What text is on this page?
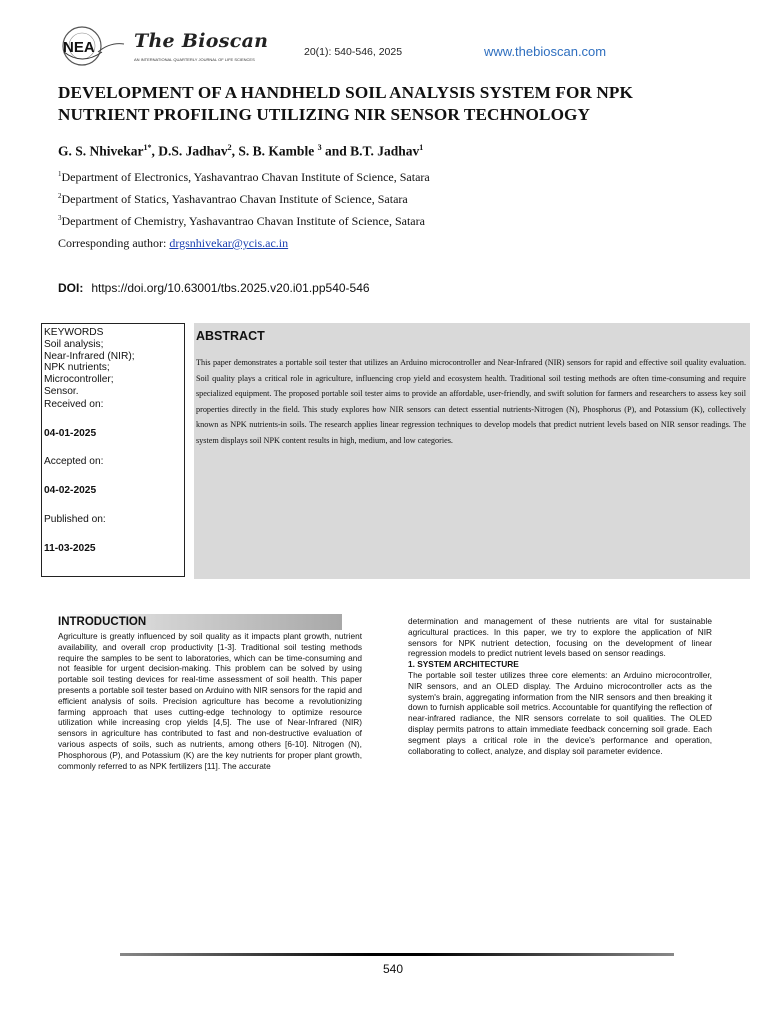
NEA The Bioscan
AN INTERNATIONAL QUARTERLY JOURNAL OF LIFE SCIENCES
20(1): 540-546, 2025	www.thebioscan.com
DEVELOPMENT OF A HANDHELD SOIL ANALYSIS SYSTEM FOR NPK NUTRIENT PROFILING UTILIZING NIR SENSOR TECHNOLOGY
G. S. Nhivekar$^{1*}$, D.S. Jadhav$^2$, S. B. Kamble $^3$ and B.T. Jadhav$^1$
$^1$Department of Electronics, Yashavantrao Chavan Institute of Science, Satara
$^2$Department of Statics, Yashavantrao Chavan Institute of Science, Satara
$^3$Department of Chemistry, Yashavantrao Chavan Institute of Science, Satara
Corresponding author: drgsnhivekar@ycis.ac.in
DOI: https://doi.org/10.63001/tbs.2025.v20.i01.pp540-546
KEYWORDS
Soil analysis;
Near-Infrared (NIR);
NPK nutrients;
Microcontroller;
Sensor.
Received on:
04-01-2025
Accepted on:
04-02-2025
Published on:
11-03-2025
ABSTRACT

This paper demonstrates a portable soil tester that utilizes an Arduino microcontroller and Near-Infrared (NIR) sensors for rapid and effective soil quality evaluation. Soil quality plays a critical role in agriculture, influencing crop yield and ecosystem health. Traditional soil testing methods are often time-consuming and require specialized equipment. The proposed portable soil tester aims to provide an affordable, user-friendly, and swift solution for farmers and researchers to assess key soil properties directly in the field. This study explores how NIR sensors can detect essential nutrients-Nitrogen (N), Phosphorus (P), and Potassium (K), collectively known as NPK nutrients-in soils. The research applies linear regression techniques to develop models that predict nutrient levels based on NIR sensor readings. The system displays soil NPK content results in high, medium, and low categories.

INTRODUCTION

Agriculture is greatly influenced by soil quality as it impacts plant growth, nutrient availability, and overall crop productivity [1-3]. Traditional soil testing methods require the samples to be sent to laboratories, which can be time-consuming and not feasible for urgent decision-making. This problem can be solved by using portable soil testing devices for real-time assessment of soil health. This paper presents a portable soil tester based on Arduino with NIR sensors for the rapid and efficient analysis of soils. Precision agriculture has become a revolutionizing farming approach that uses cutting-edge technology to optimize resource utilization while increasing crop yields [4,5]. The use of Near-Infrared (NIR) sensors in agriculture has contributed to fast and non-destructive evaluation of various aspects of soils, such as nutrients, among others [6-10]. Nitrogen (N), Phosphorous (P), and Potassium (K) are the key nutrients for proper plant growth, commonly referred to as NPK fertilizers [11]. The accurate

determination and management of these nutrients are vital for sustainable agricultural practices. In this paper, we try to explore the application of NIR sensors for NPK nutrient detection, focusing on the development of linear regression models to predict nutrient levels based on sensor readings.

1. SYSTEM ARCHITECTURE

The portable soil tester utilizes three core elements: an Arduino microcontroller, NIR sensors, and an OLED display. The Arduino microcontroller acts as the system's brain, aggregating information from the NIR sensors and then breaking it down to furnish applicable soil metrics. Accountable for quantifying the reflection of near-infrared radiance, the NIR sensors correlate to soil qualities. The OLED display permits patrons to attain immediate feedback concerning soil grade. Each segment plays a critical role in the device's performance and operation, collaborating to collect, analyze, and display soil parameter evidence.

540
